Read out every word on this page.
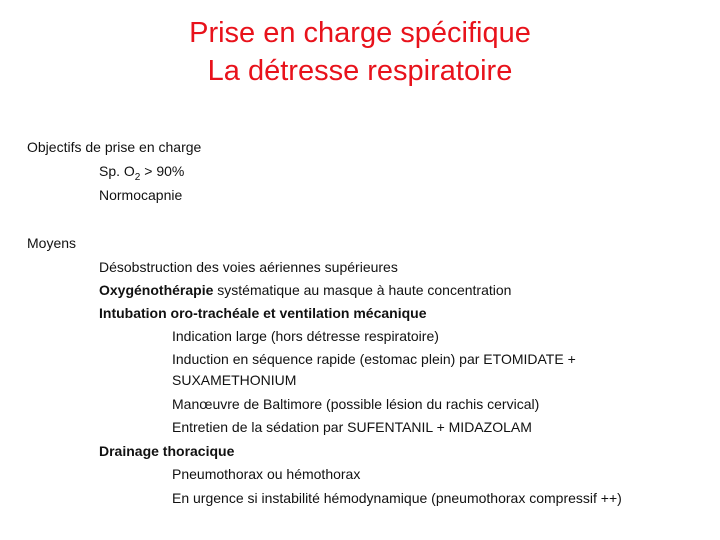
Prise en charge spécifique
La détresse respiratoire
Objectifs de prise en charge
Sp. $O_2 > 90\%$
Normocapnie
Moyens
Désobstruction des voies aériennes supérieures
Oxygénothérapie systématique au masque à haute concentration
Intubation oro-trachéale et ventilation mécanique
Indication large (hors détresse respiratoire)
Induction en séquence rapide (estomac plein) par ETOMIDATE +
SUXAMETHONIUM
Manœuvre de Baltimore (possible lésion du rachis cervical)
Entretien de la sédation par SUFENTANIL + MIDAZOLAM
Drainage thoracique
Pneumothorax ou hémothorax
En urgence si instabilité hémodynamique (pneumothorax compressif ++)
